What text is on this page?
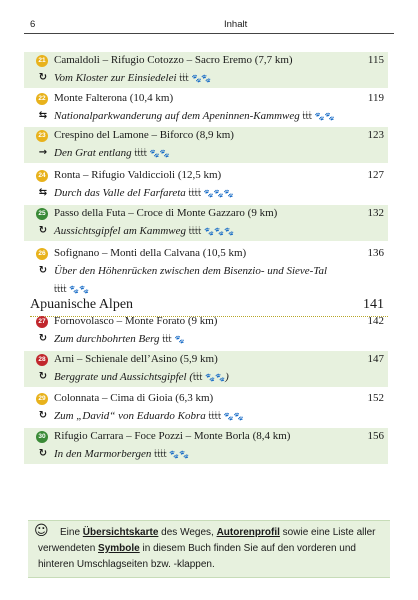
6	Inhalt
21 Camaldoli – Rifugio Cotozzo – Sacro Eremo (7,7 km)	115
↻ Vom Kloster zur Einsiedelei ṫṫṫ 🐾🐾
22 Monte Falterona (10,4 km)	119
⇆ Nationalparkwanderung auf dem Apeninnen-Kammweg ṫṫṫ 🐾🐾
23 Crespino del Lamone – Biforco (8,9 km)	123
→ Den Grat entlang ṫṫṫṫ 🐾🐾
24 Ronta – Rifugio Valdiccioli (12,5 km)	127
⇆ Durch das Valle del Farfareta ṫṫṫṫ 🐾🐾🐾
25 Passo della Futa – Croce di Monte Gazzaro (9 km)	132
↻ Aussichtsgipfel am Kammweg ṫṫṫṫ 🐾🐾🐾
26 Sofignano – Monti della Calvana (10,5 km)	136
↻ Über den Höhenrücken zwischen dem Bisenzio- und Sieve-Tal
ṫṫṫṫ 🐾🐾
Apuanische Alpen	141
27 Fornovolasco – Monte Forato (9 km)	142
↻ Zum durchbohrten Berg ṫṫṫ 🐾
28 Arni – Schienale dell’Asino (5,9 km)	147
↻ Berggrate und Aussichtsgipfel (ṫṫṫ 🐾🐾)
29 Colonnata – Cima di Gioia (6,3 km)	152
↻ Zum „David“ von Eduardo Kobra ṫṫṫṫ 🐾🐾
30 Rifugio Carrara – Foce Pozzi – Monte Borla (8,4 km)	156
↻ In den Marmorbergen ṫṫṫṫ 🐾🐾
☺	Eine Übersichtskarte des Weges, Autorenprofil sowie eine Liste aller verwendeten Symbole in diesem Buch finden Sie auf den vorderen und hinteren Umschlagseiten bzw. -klappen.
